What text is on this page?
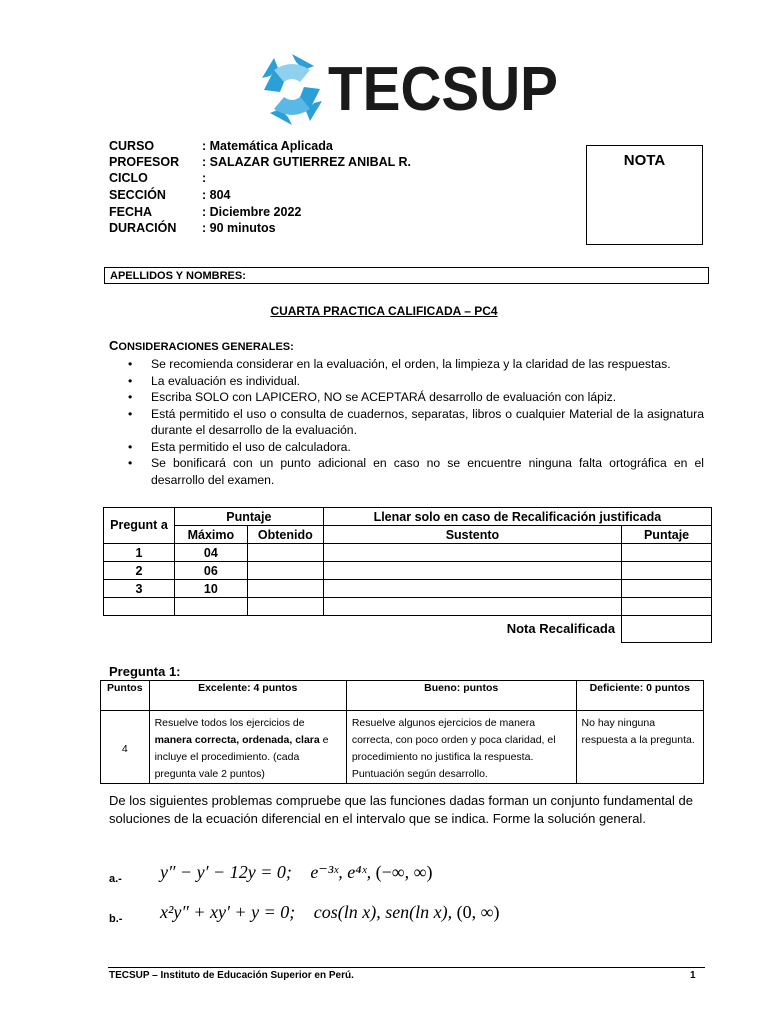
TECSUP
CURSO	: Matemática Aplicada
PROFESOR	: SALAZAR GUTIERREZ ANIBAL R.
CICLO	:
SECCIÓN	: 804
FECHA	: Diciembre 2022
DURACIÓN	: 90 minutos
NOTA
APELLIDOS Y NOMBRES:
CUARTA PRACTICA CALIFICADA – PC4
CONSIDERACIONES GENERALES:
• Se recomienda considerar en la evaluación, el orden, la limpieza y la claridad de las respuestas.
• La evaluación es individual.
• Escriba SOLO con LAPICERO, NO se ACEPTARÁ desarrollo de evaluación con lápiz.
• Está permitido el uso o consulta de cuadernos, separatas, libros o cualquier Material de la asignatura durante el desarrollo de la evaluación.
• Esta permitido el uso de calculadora.
• Se bonificará con un punto adicional en caso no se encuentre ninguna falta ortográfica en el desarrollo del examen.
Pregunt a	Puntaje		Llenar solo en caso de Recalificación justificada	
	Máximo	Obtenido	Sustento	Puntaje
1	04			
2	06			
3	10			

Nota Recalificada				
Pregunta 1:
Puntos	Excelente: 4 puntos	Bueno: puntos	Deficiente: 0 puntos
4	Resuelve todos los ejercicios de manera correcta, ordenada, clara e incluye el procedimiento. (cada pregunta vale 2 puntos)	Resuelve algunos ejercicios de manera correcta, con poco orden y poca claridad, el procedimiento no justifica la respuesta. Puntuación según desarrollo.	No hay ninguna respuesta a la pregunta.
De los siguientes problemas compruebe que las funciones dadas forman un conjunto fundamental de soluciones de la ecuación diferencial en el intervalo que se indica. Forme la solución general.
a.- y″ − y′ − 12y = 0; e⁻³ˣ, e⁴ˣ, (−∞, ∞)
b.- x²y″ + xy′ + y = 0; cos(ln x), sen(ln x), (0, ∞)
TECSUP – Instituto de Educación Superior en Perú.	1
